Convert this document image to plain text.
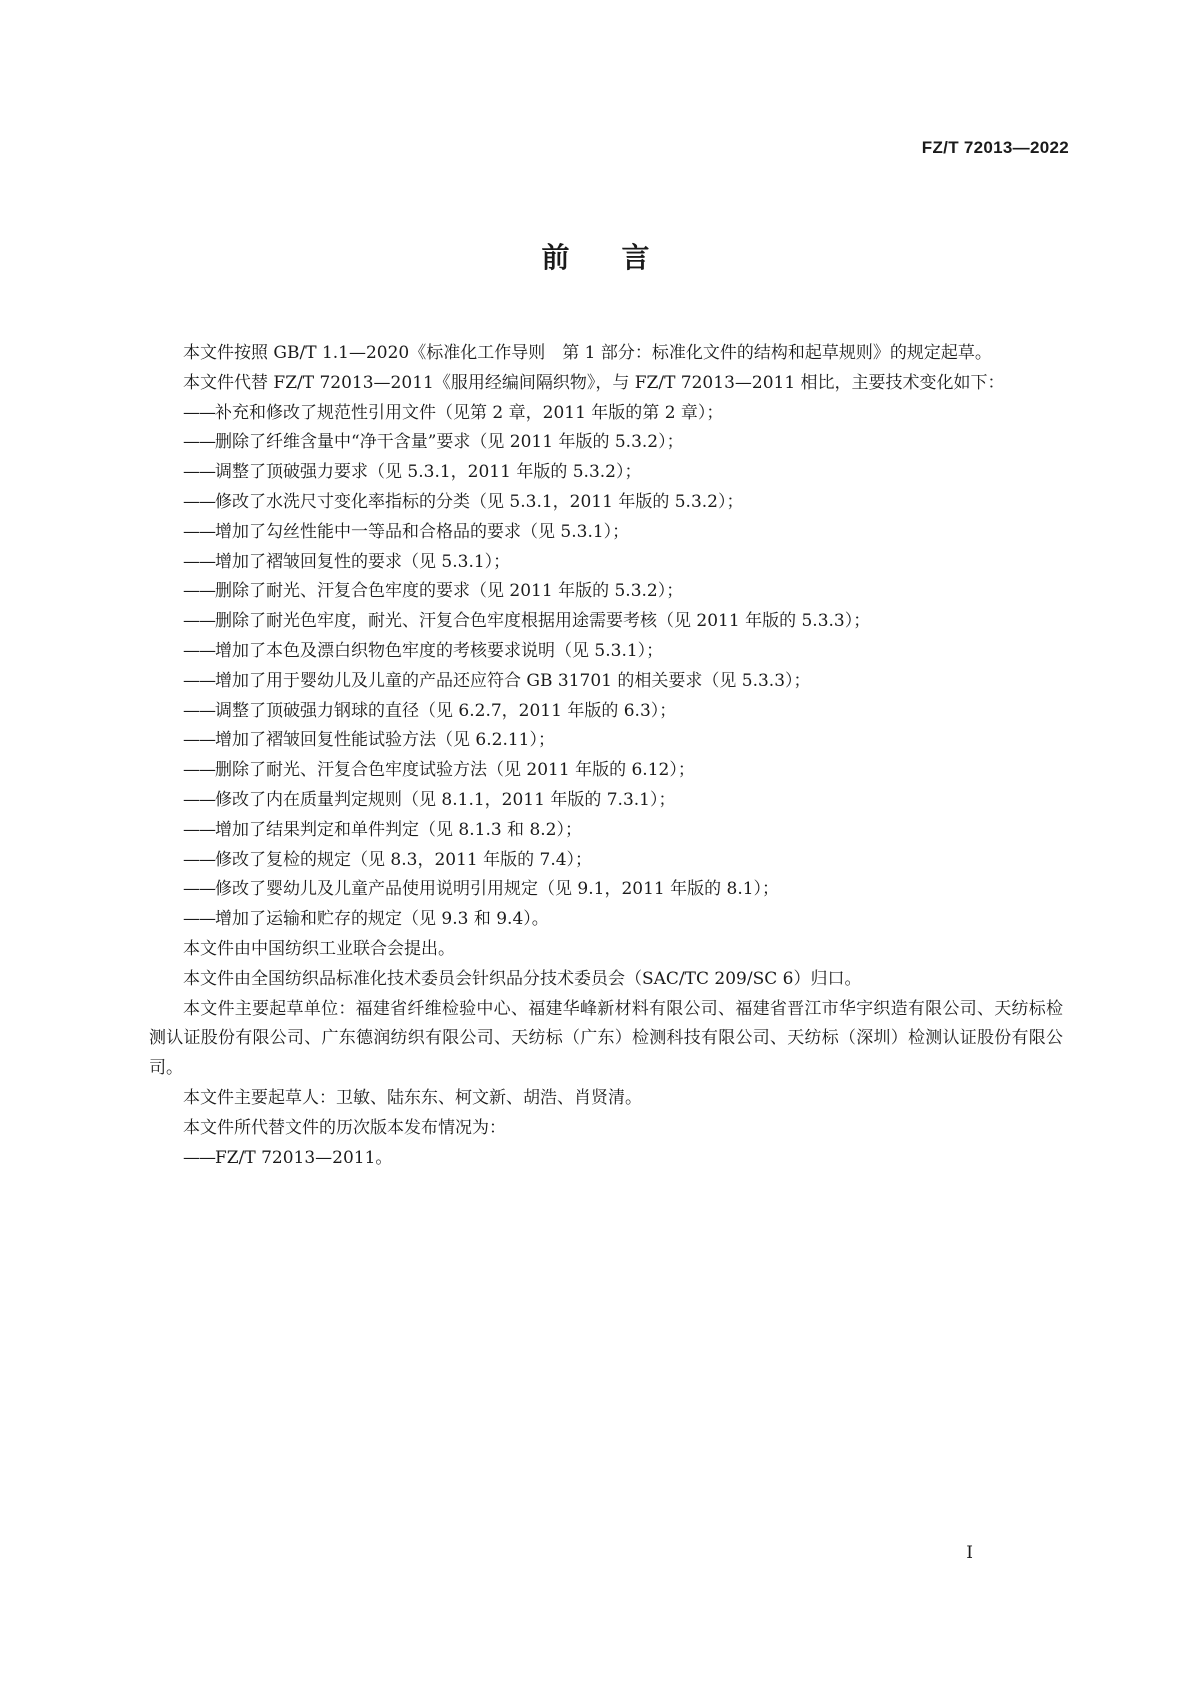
FZ/T 72013—2022
前言

本文件按照 GB/T 1.1—2020《标准化工作导则　第 1 部分：标准化文件的结构和起草规则》的规定起草。

本文件代替 FZ/T 72013—2011《服用经编间隔织物》，与 FZ/T 72013—2011 相比，主要技术变化如下：

——补充和修改了规范性引用文件（见第 2 章，2011 年版的第 2 章）；
——删除了纤维含量中“净干含量”要求（见 2011 年版的 5.3.2）；
——调整了顶破强力要求（见 5.3.1，2011 年版的 5.3.2）；
——修改了水洗尺寸变化率指标的分类（见 5.3.1，2011 年版的 5.3.2）；
——增加了勾丝性能中一等品和合格品的要求（见 5.3.1）；
——增加了褶皱回复性的要求（见 5.3.1）；
——删除了耐光、汗复合色牢度的要求（见 2011 年版的 5.3.2）；
——删除了耐光色牢度，耐光、汗复合色牢度根据用途需要考核（见 2011 年版的 5.3.3）；
——增加了本色及漂白织物色牢度的考核要求说明（见 5.3.1）；
——增加了用于婴幼儿及儿童的产品还应符合 GB 31701 的相关要求（见 5.3.3）；
——调整了顶破强力钢球的直径（见 6.2.7，2011 年版的 6.3）；
——增加了褶皱回复性能试验方法（见 6.2.11）；
——删除了耐光、汗复合色牢度试验方法（见 2011 年版的 6.12）；
——修改了内在质量判定规则（见 8.1.1，2011 年版的 7.3.1）；
——增加了结果判定和单件判定（见 8.1.3 和 8.2）；
——修改了复检的规定（见 8.3，2011 年版的 7.4）；
——修改了婴幼儿及儿童产品使用说明引用规定（见 9.1，2011 年版的 8.1）；
——增加了运输和贮存的规定（见 9.3 和 9.4）。

本文件由中国纺织工业联合会提出。

本文件由全国纺织品标准化技术委员会针织品分技术委员会（SAC/TC 209/SC 6）归口。

本文件主要起草单位：福建省纤维检验中心、福建华峰新材料有限公司、福建省晋江市华宇织造有限公司、天纺标检测认证股份有限公司、广东德润纺织有限公司、天纺标（广东）检测科技有限公司、天纺标（深圳）检测认证股份有限公司。

本文件主要起草人：卫敏、陆东东、柯文新、胡浩、肖贤清。

本文件所代替文件的历次版本发布情况为：

——FZ/T 72013—2011。
I
